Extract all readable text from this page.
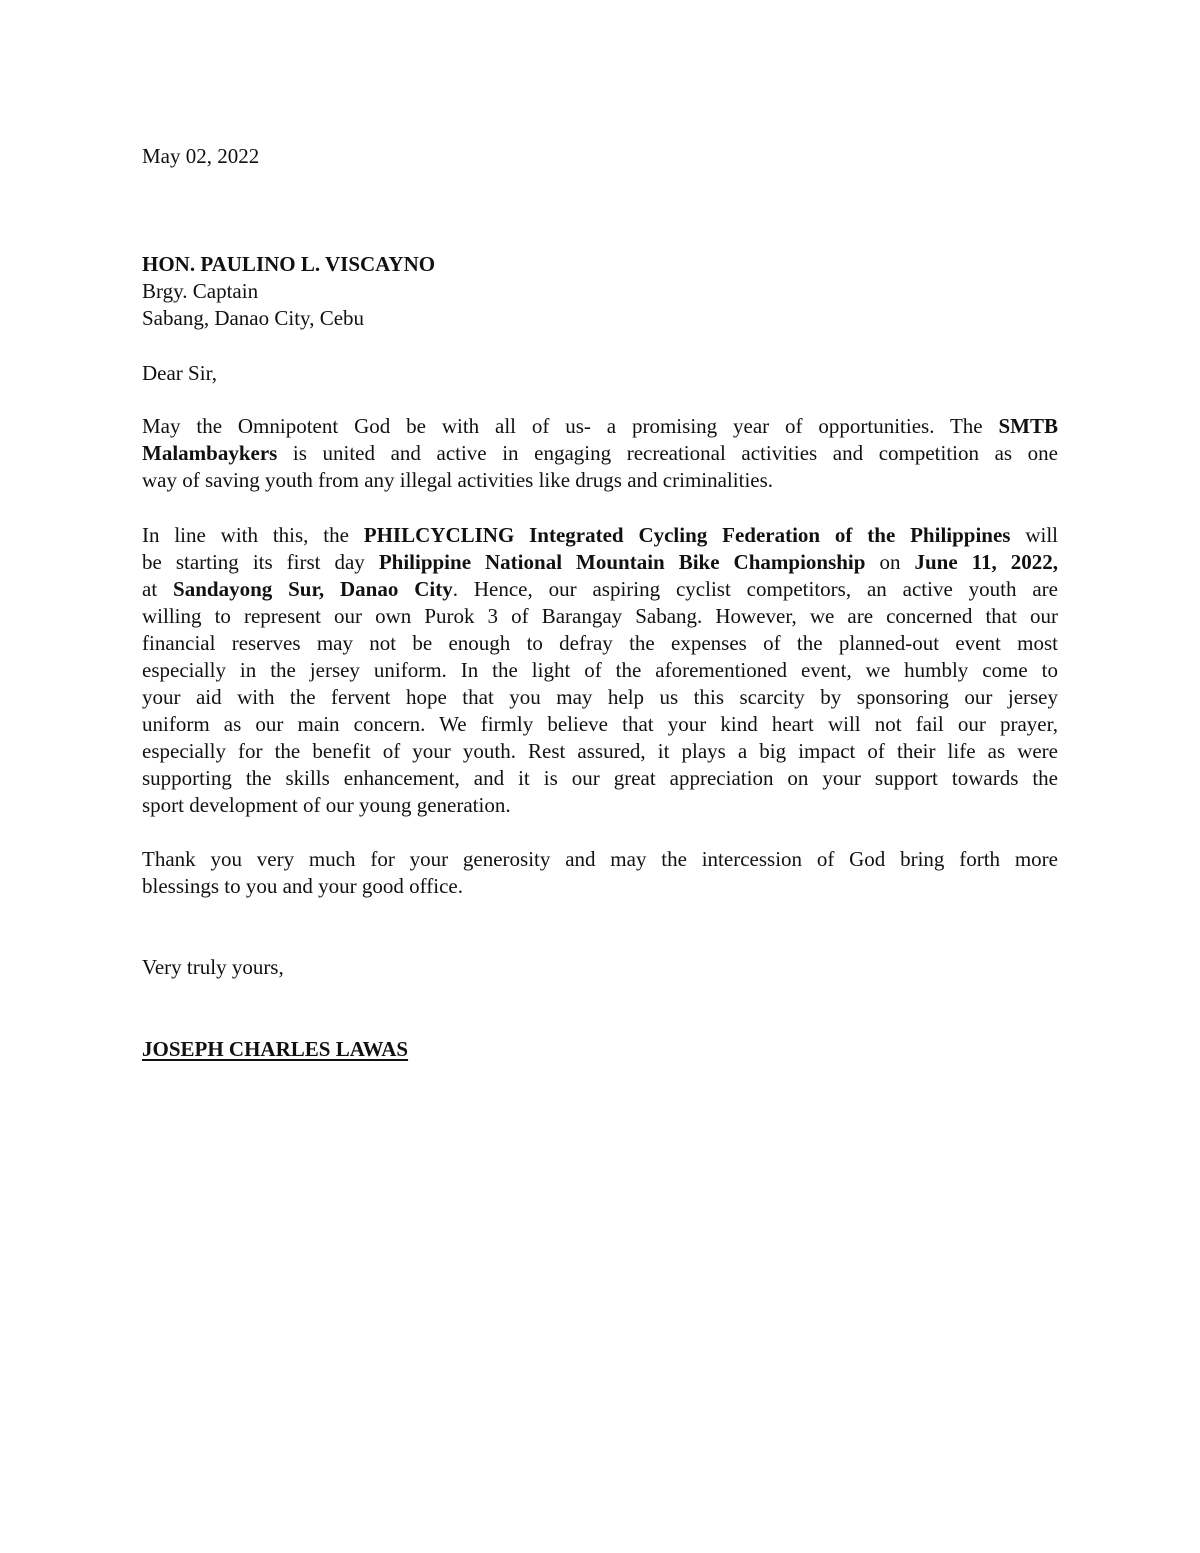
May 02, 2022
HON. PAULINO L. VISCAYNO
Brgy. Captain
Sabang, Danao City, Cebu
Dear Sir,
May the Omnipotent God be with all of us- a promising year of opportunities. The SMTB
Malambaykers is united and active in engaging recreational activities and competition as one
way of saving youth from any illegal activities like drugs and criminalities.
In line with this, the PHILCYCLING Integrated Cycling Federation of the Philippines will
be starting its first day Philippine National Mountain Bike Championship on June 11, 2022,
at Sandayong Sur, Danao City. Hence, our aspiring cyclist competitors, an active youth are
willing to represent our own Purok 3 of Barangay Sabang. However, we are concerned that our
financial reserves may not be enough to defray the expenses of the planned-out event most
especially in the jersey uniform. In the light of the aforementioned event, we humbly come to
your aid with the fervent hope that you may help us this scarcity by sponsoring our jersey
uniform as our main concern. We firmly believe that your kind heart will not fail our prayer,
especially for the benefit of your youth. Rest assured, it plays a big impact of their life as were
supporting the skills enhancement, and it is our great appreciation on your support towards the
sport development of our young generation.
Thank you very much for your generosity and may the intercession of God bring forth more
blessings to you and your good office.
Very truly yours,
JOSEPH CHARLES LAWAS
